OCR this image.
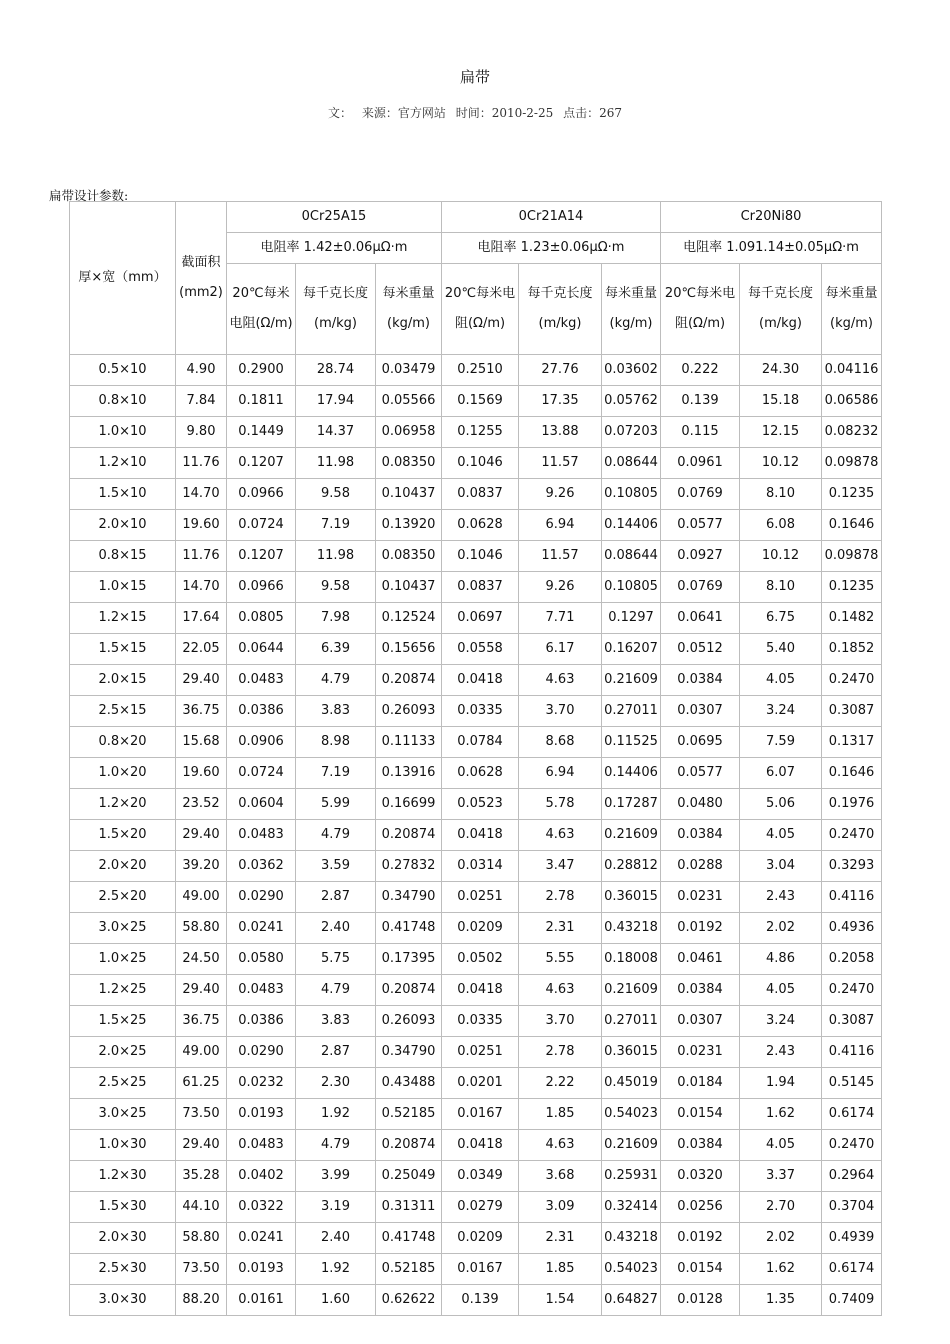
扁带
文： 来源：官方网站 时间：2010-2-25 点击：267
扁带设计参数:
厚×宽（mm）	截面积(mm2)	0Cr25A15			0Cr21A14			Cr20Ni80		
		电阻率 1.42±0.06μΩ·m			电阻率 1.23±0.06μΩ·m			电阻率 1.091.14±0.05μΩ·m		
		20℃每米电阻(Ω/m)	每千克长度(m/kg)	每米重量(kg/m)	20℃每米电阻(Ω/m)	每千克长度(m/kg)	每米重量(kg/m)	20℃每米电阻(Ω/m)	每千克长度(m/kg)	每米重量(kg/m)
0.5×10	4.90	0.2900	28.74	0.03479	0.2510	27.76	0.03602	0.222	24.30	0.04116
0.8×10	7.84	0.1811	17.94	0.05566	0.1569	17.35	0.05762	0.139	15.18	0.06586
1.0×10	9.80	0.1449	14.37	0.06958	0.1255	13.88	0.07203	0.115	12.15	0.08232
1.2×10	11.76	0.1207	11.98	0.08350	0.1046	11.57	0.08644	0.0961	10.12	0.09878
1.5×10	14.70	0.0966	9.58	0.10437	0.0837	9.26	0.10805	0.0769	8.10	0.1235
2.0×10	19.60	0.0724	7.19	0.13920	0.0628	6.94	0.14406	0.0577	6.08	0.1646
0.8×15	11.76	0.1207	11.98	0.08350	0.1046	11.57	0.08644	0.0927	10.12	0.09878
1.0×15	14.70	0.0966	9.58	0.10437	0.0837	9.26	0.10805	0.0769	8.10	0.1235
1.2×15	17.64	0.0805	7.98	0.12524	0.0697	7.71	0.1297	0.0641	6.75	0.1482
1.5×15	22.05	0.0644	6.39	0.15656	0.0558	6.17	0.16207	0.0512	5.40	0.1852
2.0×15	29.40	0.0483	4.79	0.20874	0.0418	4.63	0.21609	0.0384	4.05	0.2470
2.5×15	36.75	0.0386	3.83	0.26093	0.0335	3.70	0.27011	0.0307	3.24	0.3087
0.8×20	15.68	0.0906	8.98	0.11133	0.0784	8.68	0.11525	0.0695	7.59	0.1317
1.0×20	19.60	0.0724	7.19	0.13916	0.0628	6.94	0.14406	0.0577	6.07	0.1646
1.2×20	23.52	0.0604	5.99	0.16699	0.0523	5.78	0.17287	0.0480	5.06	0.1976
1.5×20	29.40	0.0483	4.79	0.20874	0.0418	4.63	0.21609	0.0384	4.05	0.2470
2.0×20	39.20	0.0362	3.59	0.27832	0.0314	3.47	0.28812	0.0288	3.04	0.3293
2.5×20	49.00	0.0290	2.87	0.34790	0.0251	2.78	0.36015	0.0231	2.43	0.4116
3.0×25	58.80	0.0241	2.40	0.41748	0.0209	2.31	0.43218	0.0192	2.02	0.4936
1.0×25	24.50	0.0580	5.75	0.17395	0.0502	5.55	0.18008	0.0461	4.86	0.2058
1.2×25	29.40	0.0483	4.79	0.20874	0.0418	4.63	0.21609	0.0384	4.05	0.2470
1.5×25	36.75	0.0386	3.83	0.26093	0.0335	3.70	0.27011	0.0307	3.24	0.3087
2.0×25	49.00	0.0290	2.87	0.34790	0.0251	2.78	0.36015	0.0231	2.43	0.4116
2.5×25	61.25	0.0232	2.30	0.43488	0.0201	2.22	0.45019	0.0184	1.94	0.5145
3.0×25	73.50	0.0193	1.92	0.52185	0.0167	1.85	0.54023	0.0154	1.62	0.6174
1.0×30	29.40	0.0483	4.79	0.20874	0.0418	4.63	0.21609	0.0384	4.05	0.2470
1.2×30	35.28	0.0402	3.99	0.25049	0.0349	3.68	0.25931	0.0320	3.37	0.2964
1.5×30	44.10	0.0322	3.19	0.31311	0.0279	3.09	0.32414	0.0256	2.70	0.3704
2.0×30	58.80	0.0241	2.40	0.41748	0.0209	2.31	0.43218	0.0192	2.02	0.4939
2.5×30	73.50	0.0193	1.92	0.52185	0.0167	1.85	0.54023	0.0154	1.62	0.6174
3.0×30	88.20	0.0161	1.60	0.62622	0.139	1.54	0.64827	0.0128	1.35	0.7409
